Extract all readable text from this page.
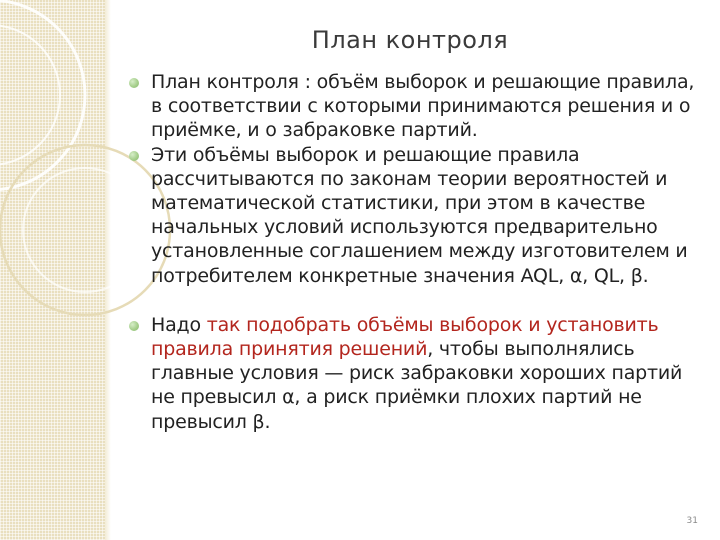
План контроля

План контроля : объём выборок и решающие правила, в соответствии с которыми принимаются решения и о приёмке, и о забраковке партий.

Эти объёмы выборок и решающие правила рассчитываются по законам теории вероятностей и математической статистики, при этом в качестве начальных условий используются предварительно установленные соглашением между изготовителем и потребителем конкретные значения AQL, α, QL, β.

Надо так подобрать объёмы выборок и установить правила принятия решений, чтобы выполнялись главные условия — риск забраковки хороших партий не превысил α, а риск приёмки плохих партий не превысил β.

31
